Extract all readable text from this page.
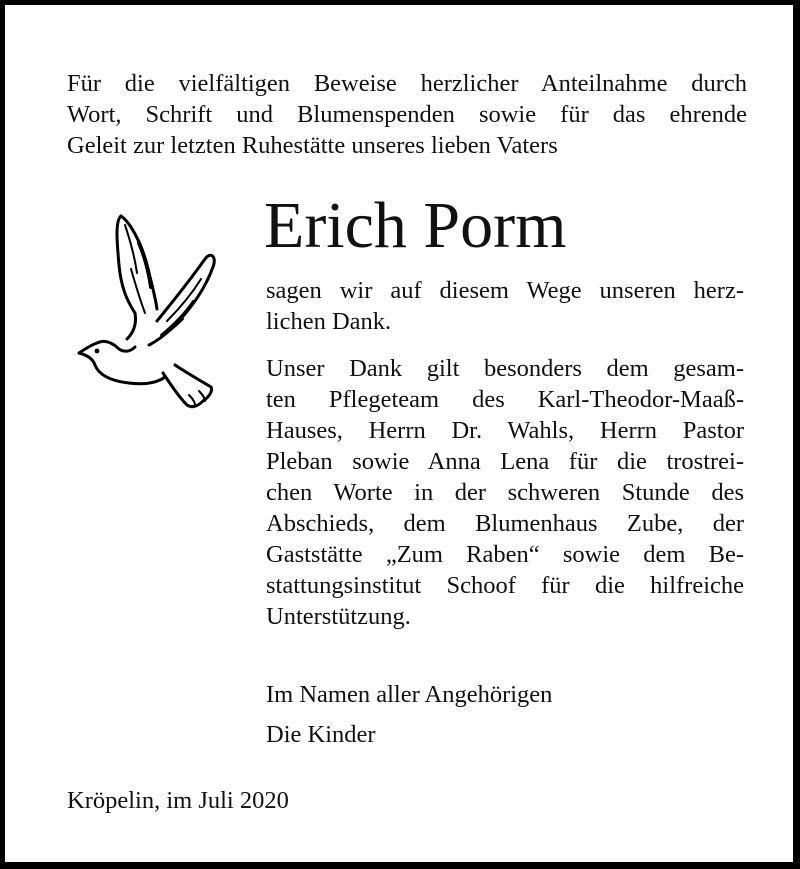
Für die vielfältigen Beweise herzlicher Anteilnahme durch
Wort, Schrift und Blumenspenden sowie für das ehrende
Geleit zur letzten Ruhestätte unseres lieben Vaters
Erich Porm
sagen wir auf diesem Wege unseren herz-
lichen Dank.
Unser Dank gilt besonders dem gesam-
ten Pflegeteam des Karl-Theodor-Maaß-
Hauses, Herrn Dr. Wahls, Herrn Pastor
Pleban sowie Anna Lena für die trostrei-
chen Worte in der schweren Stunde des
Abschieds, dem Blumenhaus Zube, der
Gaststätte „Zum Raben“ sowie dem Be-
stattungsinstitut Schoof für die hilfreiche
Unterstützung.
Im Namen aller Angehörigen
Die Kinder
Kröpelin, im Juli 2020
